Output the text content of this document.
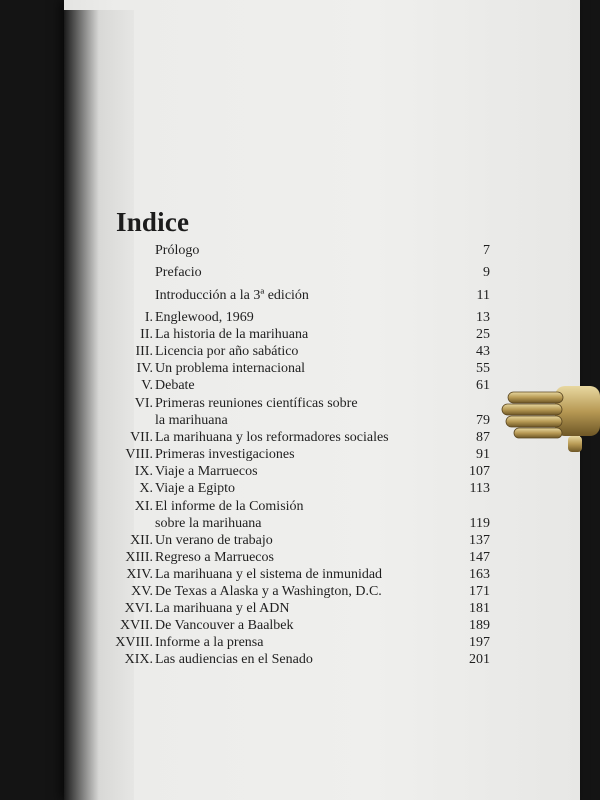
Indice
Prólogo	7
Prefacio	9
Introducción a la 3ª edición	11
I. Englewood, 1969	13
II. La historia de la marihuana	25
III. Licencia por año sabático	43
IV. Un problema internacional	55
V. Debate	61
VI. Primeras reuniones científicas sobre
la marihuana	79
VII. La marihuana y los reformadores sociales	87
VIII. Primeras investigaciones	91
IX. Viaje a Marruecos	107
X. Viaje a Egipto	113
XI. El informe de la Comisión
sobre la marihuana	119
XII. Un verano de trabajo	137
XIII. Regreso a Marruecos	147
XIV. La marihuana y el sistema de inmunidad	163
XV. De Texas a Alaska y a Washington, D.C.	171
XVI. La marihuana y el ADN	181
XVII. De Vancouver a Baalbek	189
XVIII. Informe a la prensa	197
XIX. Las audiencias en el Senado	201
